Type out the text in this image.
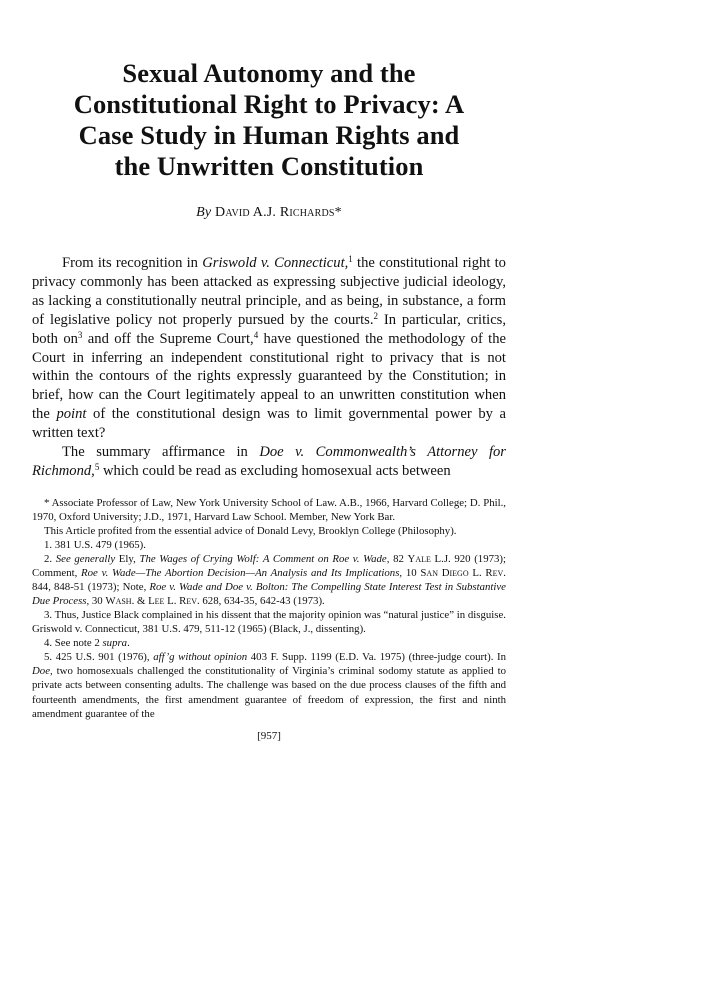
Sexual Autonomy and the
Constitutional Right to Privacy: A
Case Study in Human Rights and
the Unwritten Constitution
By David A.J. Richards*

From its recognition in Griswold v. Connecticut,$^1$ the constitutional right to privacy commonly has been attacked as expressing subjective judicial ideology, as lacking a constitutionally neutral principle, and as being, in substance, a form of legislative policy not properly pursued by the courts.$^2$ In particular, critics, both $on^3$ and off the Supreme Court,$^4$ have questioned the methodology of the Court in inferring an independent constitutional right to privacy that is not within the contours of the rights expressly guaranteed by the Constitution; in brief, how can the Court legitimately appeal to an unwritten constitution when the point of the constitutional design was to limit governmental power by a written text?

The summary affirmance in Doe v. Commonwealth’s Attorney for Richmond,$^5$ which could be read as excluding homosexual acts between

* Associate Professor of Law, New York University School of Law. A.B., 1966, Harvard College; D. Phil., 1970, Oxford University; J.D., 1971, Harvard Law School. Member, New York Bar.

This Article profited from the essential advice of Donald Levy, Brooklyn College (Philosophy).

1. 381 U.S. 479 (1965).

2. See generally Ely, The Wages of Crying Wolf: A Comment on Roe v. Wade, 82 Yale L.J. 920 (1973); Comment, Roe v. Wade—The Abortion Decision—An Analysis and Its Implications, 10 San Diego L. Rev. 844, 848-51 (1973); Note, Roe v. Wade and Doe v. Bolton: The Compelling State Interest Test in Substantive Due Process, 30 Wash. & Lee L. Rev. 628, 634-35, 642-43 (1973).

3. Thus, Justice Black complained in his dissent that the majority opinion was “natural justice” in disguise. Griswold v. Connecticut, 381 U.S. 479, 511-12 (1965) (Black, J., dissenting).

4. See note 2 supra.

5. 425 U.S. 901 (1976), aff’g without opinion 403 F. Supp. 1199 (E.D. Va. 1975) (three-judge court). In Doe, two homosexuals challenged the constitutionality of Virginia’s criminal sodomy statute as applied to private acts between consenting adults. The challenge was based on the due process clauses of the fifth and fourteenth amendments, the first amendment guarantee of freedom of expression, the first and ninth amendment guarantee of the

[957]
